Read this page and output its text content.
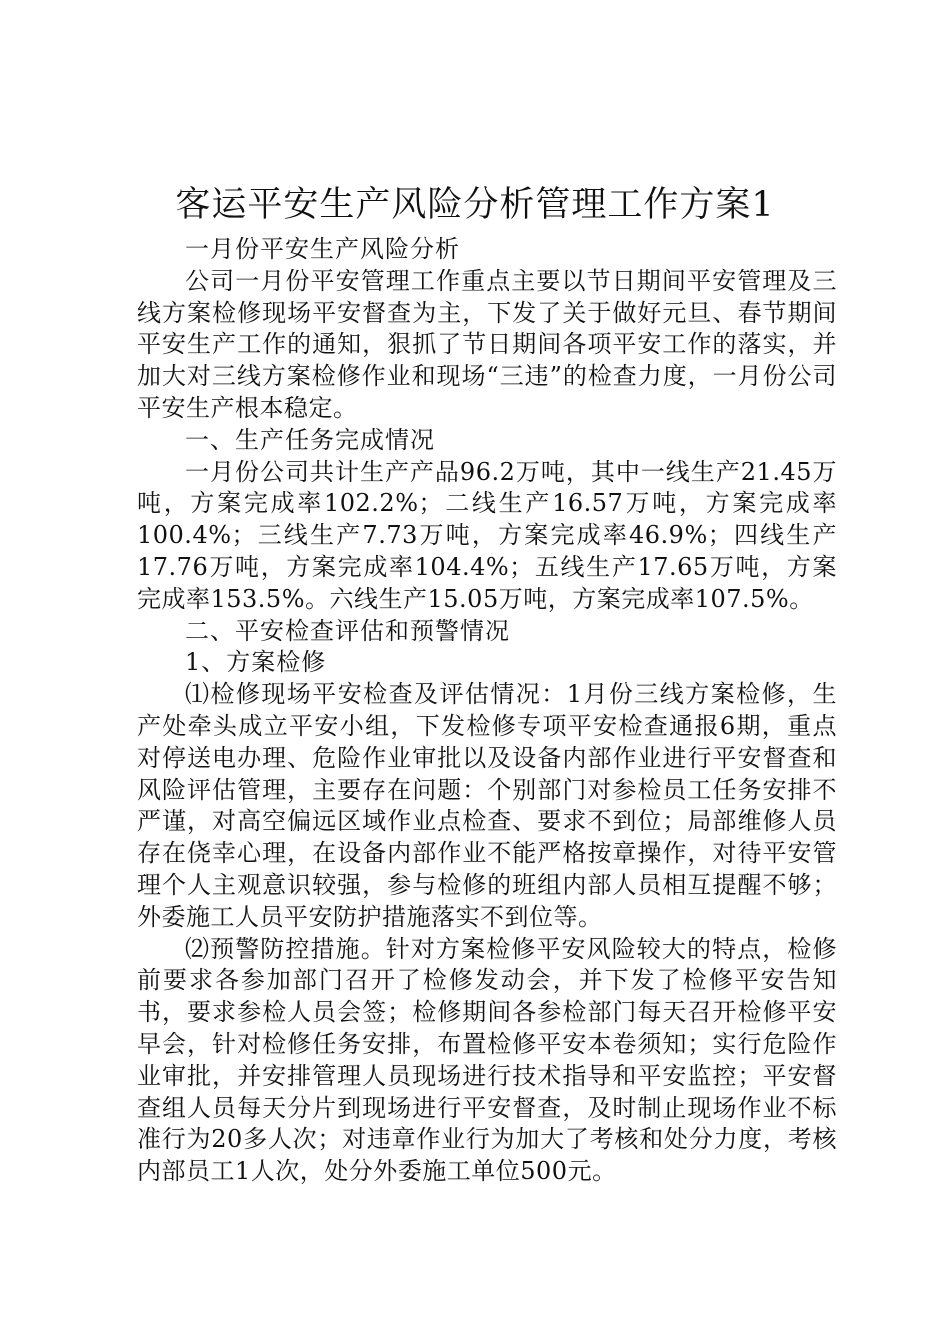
客运平安生产风险分析管理工作方案1

一月份平安生产风险分析

公司一月份平安管理工作重点主要以节日期间平安管理及三线方案检修现场平安督查为主，下发了关于做好元旦、春节期间平安生产工作的通知，狠抓了节日期间各项平安工作的落实，并加大对三线方案检修作业和现场“三违”的检查力度，一月份公司平安生产根本稳定。

一、生产任务完成情况

一月份公司共计生产产品96.2万吨，其中一线生产21.45万吨，方案完成率102.2%；二线生产16.57万吨，方案完成率100.4%；三线生产7.73万吨，方案完成率46.9%；四线生产17.76万吨，方案完成率104.4%；五线生产17.65万吨，方案完成率153.5%。六线生产15.05万吨，方案完成率107.5%。

二、平安检查评估和预警情况

1、方案检修

⑴检修现场平安检查及评估情况：1月份三线方案检修，生产处牵头成立平安小组，下发检修专项平安检查通报6期，重点对停送电办理、危险作业审批以及设备内部作业进行平安督查和风险评估管理，主要存在问题：个别部门对参检员工任务安排不严谨，对高空偏远区域作业点检查、要求不到位；局部维修人员存在侥幸心理，在设备内部作业不能严格按章操作，对待平安管理个人主观意识较强，参与检修的班组内部人员相互提醒不够；外委施工人员平安防护措施落实不到位等。

⑵预警防控措施。针对方案检修平安风险较大的特点，检修前要求各参加部门召开了检修发动会，并下发了检修平安告知书，要求参检人员会签；检修期间各参检部门每天召开检修平安早会，针对检修任务安排，布置检修平安本卷须知；实行危险作业审批，并安排管理人员现场进行技术指导和平安监控；平安督查组人员每天分片到现场进行平安督查，及时制止现场作业不标准行为20多人次；对违章作业行为加大了考核和处分力度，考核内部员工1人次，处分外委施工单位500元。
